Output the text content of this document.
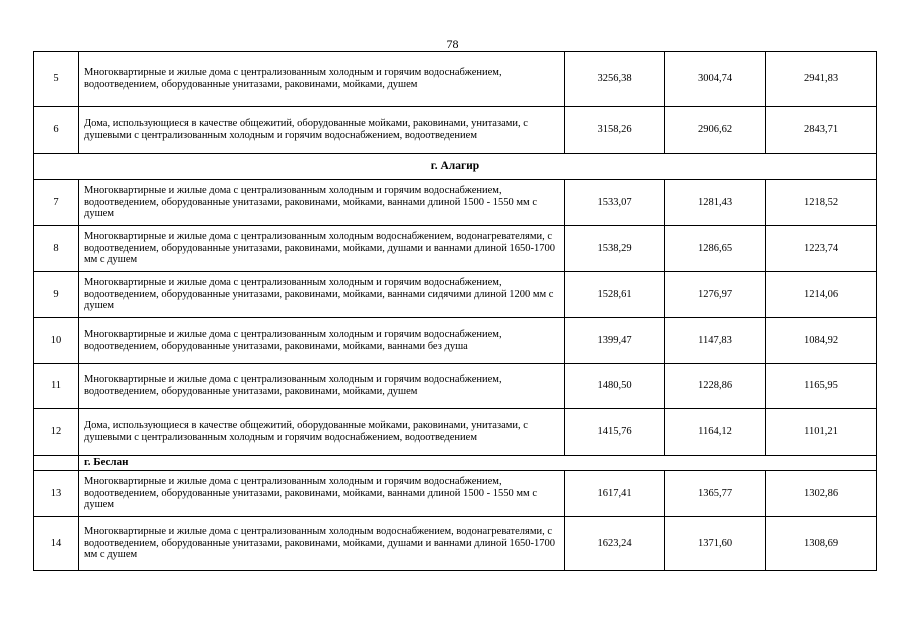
78
5	Многоквартирные и жилые дома с централизованным холодным и горячим водоснабжением, водоотведением, оборудованные унитазами, раковинами, мойками, душем	3256,38	3004,74	2941,83
6	Дома, использующиеся в качестве общежитий, оборудованные мойками, раковинами, унитазами, с душевыми с централизованным холодным и горячим водоснабжением, водоотведением	3158,26	2906,62	2843,71
г. Алагир				
7	Многоквартирные и жилые дома с централизованным холодным и горячим водоснабжением, водоотведением, оборудованные унитазами, раковинами, мойками, ваннами длиной 1500 - 1550 мм с душем	1533,07	1281,43	1218,52
8	Многоквартирные и жилые дома с централизованным холодным водоснабжением, водонагревателями, с водоотведением, оборудованные унитазами, раковинами, мойками, душами и ваннами длиной 1650-1700 мм с душем	1538,29	1286,65	1223,74
9	Многоквартирные и жилые дома с централизованным холодным и горячим водоснабжением, водоотведением, оборудованные унитазами, раковинами, мойками, ваннами сидячими длиной 1200 мм с душем	1528,61	1276,97	1214,06
10	Многоквартирные и жилые дома с централизованным холодным и горячим водоснабжением, водоотведением, оборудованные унитазами, раковинами, мойками, ваннами без душа	1399,47	1147,83	1084,92
11	Многоквартирные и жилые дома с централизованным холодным и горячим водоснабжением, водоотведением, оборудованные унитазами, раковинами, мойками, душем	1480,50	1228,86	1165,95
12	Дома, использующиеся в качестве общежитий, оборудованные мойками, раковинами, унитазами, с душевыми с централизованным холодным и горячим водоснабжением, водоотведением	1415,76	1164,12	1101,21
	г. Беслан			
13	Многоквартирные и жилые дома с централизованным холодным и горячим водоснабжением, водоотведением, оборудованные унитазами, раковинами, мойками, ваннами длиной 1500 - 1550 мм с душем	1617,41	1365,77	1302,86
14	Многоквартирные и жилые дома с централизованным холодным водоснабжением, водонагревателями, с водоотведением, оборудованные унитазами, раковинами, мойками, душами и ваннами длиной 1650-1700 мм с душем	1623,24	1371,60	1308,69
